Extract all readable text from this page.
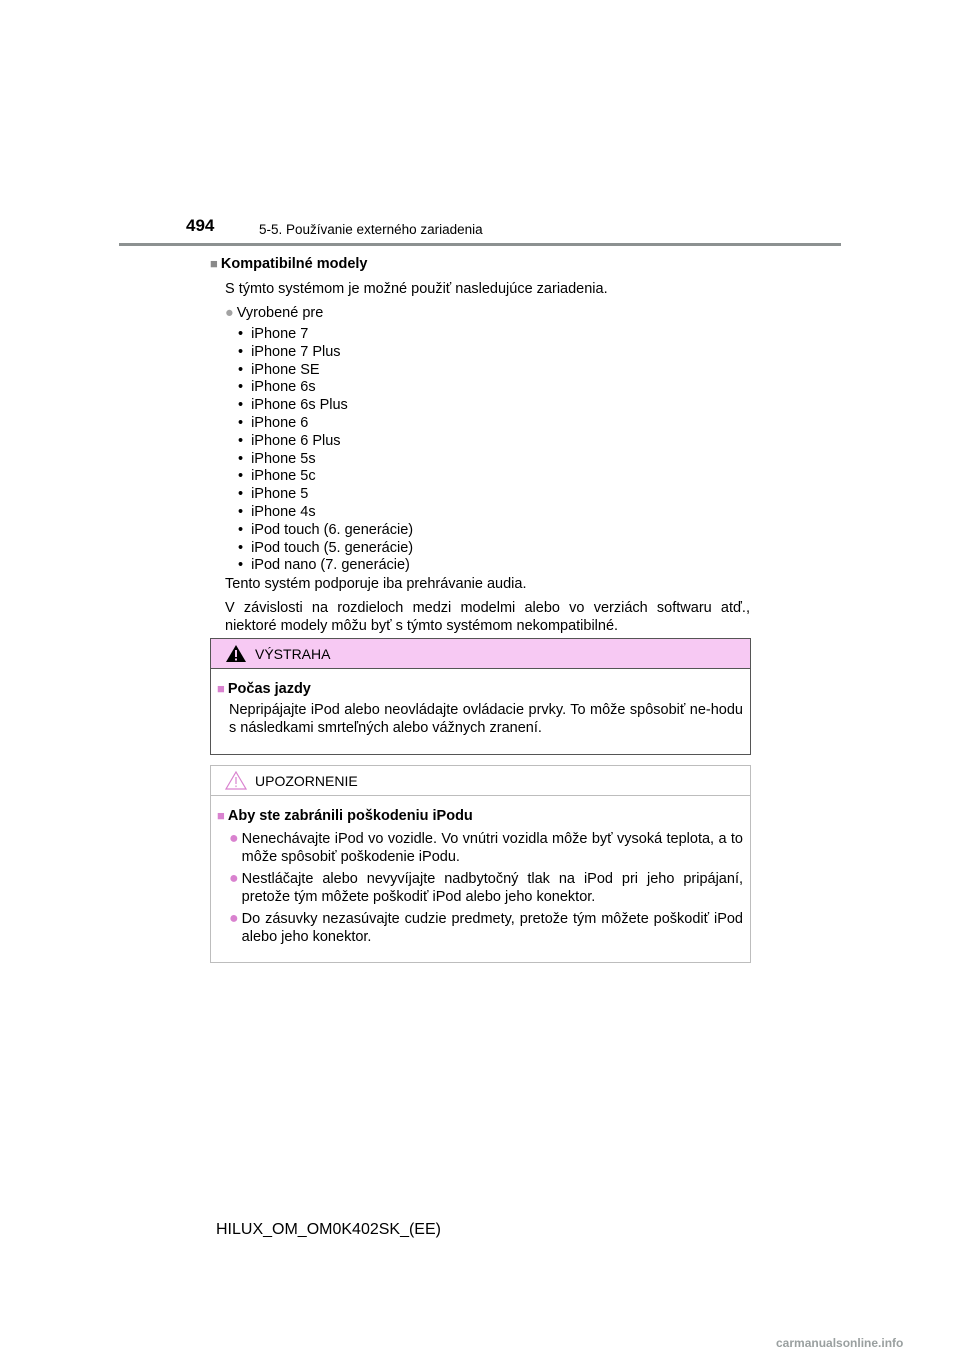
494	5-5. Používanie externého zariadenia
■ Kompatibilné modely
S týmto systémom je možné použiť nasledujúce zariadenia.
● Vyrobené pre
• iPhone 7
• iPhone 7 Plus
• iPhone SE
• iPhone 6s
• iPhone 6s Plus
• iPhone 6
• iPhone 6 Plus
• iPhone 5s
• iPhone 5c
• iPhone 5
• iPhone 4s
• iPod touch (6. generácie)
• iPod touch (5. generácie)
• iPod nano (7. generácie)
Tento systém podporuje iba prehrávanie audia.
V závislosti na rozdieloch medzi modelmi alebo vo verziách softwaru atď., niektoré modely môžu byť s týmto systémom nekompatibilné.
VÝSTRAHA
■ Počas jazdy
Nepripájajte iPod alebo neovládajte ovládacie prvky. To môže spôsobiť ne-hodu s následkami smrteľných alebo vážnych zranení.
UPOZORNENIE
■ Aby ste zabránili poškodeniu iPodu
● Nenechávajte iPod vo vozidle. Vo vnútri vozidla môže byť vysoká teplota, a to môže spôsobiť poškodenie iPodu.
● Nestláčajte alebo nevyvíjajte nadbytočný tlak na iPod pri jeho pripájaní, pretože tým môžete poškodiť iPod alebo jeho konektor.
● Do zásuvky nezasúvajte cudzie predmety, pretože tým môžete poškodiť iPod alebo jeho konektor.
HILUX_OM_OM0K402SK_(EE)
carmanualsonline.info
